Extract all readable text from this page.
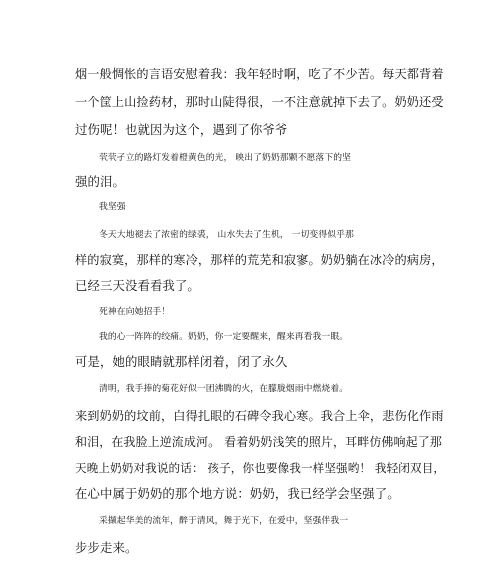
烟一般惆怅的言语安慰着我：我年轻时啊，吃了不少苦。每天都背着
一个筐上山捡药材，那时山陡得很，一不注意就掉下去了。奶奶还受
过伤呢！也就因为这个，遇到了你爷爷
茕茕孑立的路灯发着橙黄色的光， 映出了奶奶那颗不愿落下的坚
强的泪。
我坚强
冬天大地褪去了浓密的绿裘， 山水失去了生机， 一切变得似乎那
样的寂寞，那样的寒冷，那样的荒芜和寂寥。奶奶躺在冰冷的病房，
已经三天没看看我了。
死神在向她招手！
我的心一阵阵的绞痛。奶奶，你一定要醒来，醒来再看我一眼。
可是，她的眼睛就那样闭着，闭了永久
清明，我手捧的菊花好似一团沸腾的火，在朦胧烟雨中燃烧着。
来到奶奶的坟前，白得扎眼的石碑令我心寒。我合上伞，悲伤化作雨
和泪，在我脸上逆流成河。 看着奶奶浅笑的照片，耳畔仿佛响起了那
天晚上奶奶对我说的话： 孩子，你也要像我一样坚强哟！ 我轻闭双目，
在心中属于奶奶的那个地方说：奶奶，我已经学会坚强了。
采撷起华美的流年，醉于清风，舞于光下，在爱中，坚强伴我一
步步走来。
